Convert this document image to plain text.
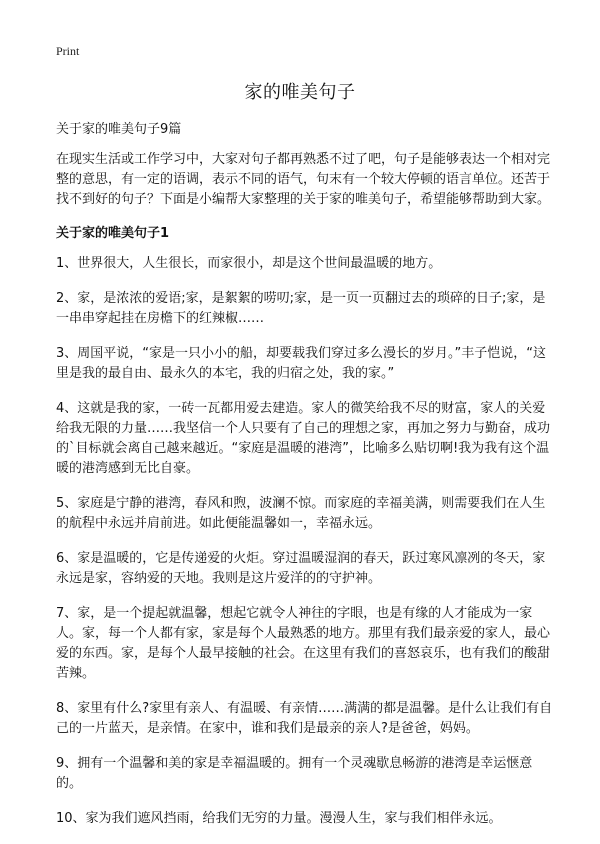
Print
家的唯美句子

关于家的唯美句子9篇

在现实生活或工作学习中，大家对句子都再熟悉不过了吧，句子是能够表达一个相对完整的意思，有一定的语调，表示不同的语气，句末有一个较大停顿的语言单位。还苦于找不到好的句子？下面是小编帮大家整理的关于家的唯美句子，希望能够帮助到大家。

关于家的唯美句子1

1、世界很大，人生很长，而家很小，却是这个世间最温暖的地方。
2、家，是浓浓的爱语;家，是絮絮的唠叨;家，是一页一页翻过去的琐碎的日子;家，是一串串穿起挂在房檐下的红辣椒……
3、周国平说，“家是一只小小的船，却要载我们穿过多么漫长的岁月。”丰子恺说，“这里是我的最自由、最永久的本宅，我的归宿之处，我的家。”
4、这就是我的家，一砖一瓦都用爱去建造。家人的微笑给我不尽的财富，家人的关爱给我无限的力量……我坚信一个人只要有了自己的理想之家，再加之努力与勤奋，成功的`目标就会离自己越来越近。“家庭是温暖的港湾”，比喻多么贴切啊!我为我有这个温暖的港湾感到无比自豪。
5、家庭是宁静的港湾，春风和煦，波澜不惊。而家庭的幸福美满，则需要我们在人生的航程中永远并肩前进。如此便能温馨如一，幸福永远。
6、家是温暖的，它是传递爱的火炬。穿过温暖湿润的春天，跃过寒风凛冽的冬天，家永远是家，容纳爱的天地。我则是这片爱洋的的守护神。
7、家，是一个提起就温馨，想起它就令人神往的字眼，也是有缘的人才能成为一家人。家，每一个人都有家，家是每个人最熟悉的地方。那里有我们最亲爱的家人，最心爱的东西。家，是每个人最早接触的社会。在这里有我们的喜怒哀乐，也有我们的酸甜苦辣。
8、家里有什么?家里有亲人、有温暖、有亲情……满满的都是温馨。是什么让我们有自己的一片蓝天，是亲情。在家中，谁和我们是最亲的亲人?是爸爸，妈妈。
9、拥有一个温馨和美的家是幸福温暖的。拥有一个灵魂歇息畅游的港湾是幸运惬意的。
10、家为我们遮风挡雨，给我们无穷的力量。漫漫人生，家与我们相伴永远。
